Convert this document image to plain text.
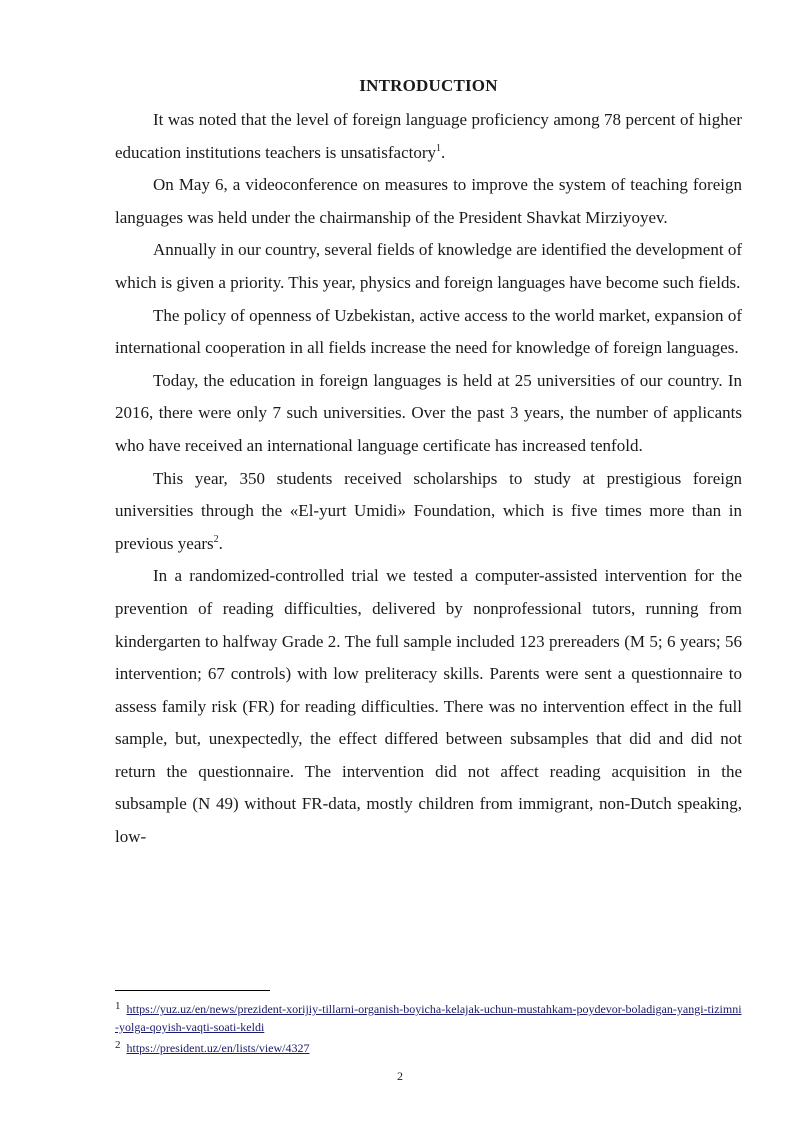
INTRODUCTION

It was noted that the level of foreign language proficiency among 78 percent of higher education institutions teachers is unsatisfactory$^1$.

On May 6, a videoconference on measures to improve the system of teaching foreign languages was held under the chairmanship of the President Shavkat Mirziyoyev.

Annually in our country, several fields of knowledge are identified the development of which is given a priority. This year, physics and foreign languages have become such fields.

The policy of openness of Uzbekistan, active access to the world market, expansion of international cooperation in all fields increase the need for knowledge of foreign languages.

Today, the education in foreign languages is held at 25 universities of our country. In 2016, there were only 7 such universities. Over the past 3 years, the number of applicants who have received an international language certificate has increased tenfold.

This year, 350 students received scholarships to study at prestigious foreign universities through the «El-yurt Umidi» Foundation, which is five times more than in previous years$^2$.

In a randomized-controlled trial we tested a computer-assisted intervention for the prevention of reading difficulties, delivered by nonprofessional tutors, running from kindergarten to halfway Grade 2. The full sample included 123 prereaders (M 5; 6 years; 56 intervention; 67 controls) with low preliteracy skills. Parents were sent a questionnaire to assess family risk (FR) for reading difficulties. There was no intervention effect in the full sample, but, unexpectedly, the effect differed between subsamples that did and did not return the questionnaire. The intervention did not affect reading acquisition in the subsample (N 49) without FR-data, mostly children from immigrant, non-Dutch speaking, low-

1 https://yuz.uz/en/news/prezident-xorijiy-tillarni-organish-boyicha-kelajak-uchun-mustahkam-poydevor-boladigan-yangi-tizimni-yolga-qoyish-vaqti-soati-keldi

2 https://president.uz/en/lists/view/4327

2
